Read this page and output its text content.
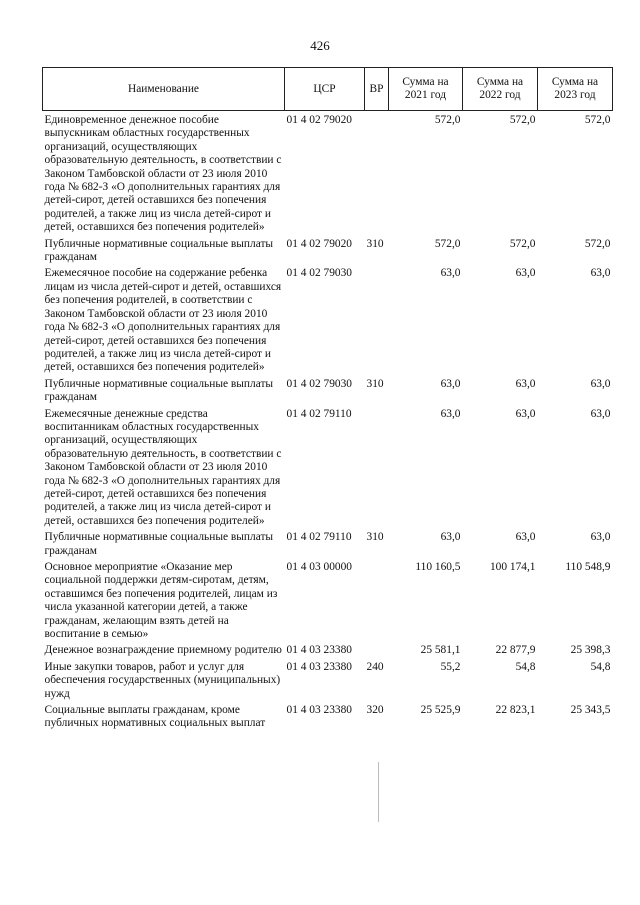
426
Наименование	ЦСР	ВР	Сумма на 2021 год	Сумма на 2022 год	Сумма на 2023 год
Единовременное денежное пособие выпускникам областных государственных организаций, осуществляющих образовательную деятельность, в соответствии с Законом Тамбовской области от 23 июля 2010 года № 682-З «О дополнительных гарантиях для детей-сирот, детей оставшихся без попечения родителей, а также лиц из числа детей-сирот и детей, оставшихся без попечения родителей»	01 4 02 79020		572,0	572,0	572,0
Публичные нормативные социальные выплаты гражданам	01 4 02 79020	310	572,0	572,0	572,0
Ежемесячное пособие на содержание ребенка лицам из числа детей-сирот и детей, оставшихся без попечения родителей, в соответствии с Законом Тамбовской области от 23 июля 2010 года № 682-З «О дополнительных гарантиях для детей-сирот, детей оставшихся без попечения родителей, а также лиц из числа детей-сирот и детей, оставшихся без попечения родителей»	01 4 02 79030		63,0	63,0	63,0
Публичные нормативные социальные выплаты гражданам	01 4 02 79030	310	63,0	63,0	63,0
Ежемесячные денежные средства воспитанникам областных государственных организаций, осуществляющих образовательную деятельность, в соответствии с Законом Тамбовской области от 23 июля 2010 года № 682-З «О дополнительных гарантиях для детей-сирот, детей оставшихся без попечения родителей, а также лиц из числа детей-сирот и детей, оставшихся без попечения родителей»	01 4 02 79110		63,0	63,0	63,0
Публичные нормативные социальные выплаты гражданам	01 4 02 79110	310	63,0	63,0	63,0
Основное мероприятие «Оказание мер социальной поддержки детям-сиротам, детям, оставшимся без попечения родителей, лицам из числа указанной категории детей, а также гражданам, желающим взять детей на воспитание в семью»	01 4 03 00000		110 160,5	100 174,1	110 548,9
Денежное вознаграждение приемному родителю	01 4 03 23380		25 581,1	22 877,9	25 398,3
Иные закупки товаров, работ и услуг для обеспечения государственных (муниципальных) нужд	01 4 03 23380	240	55,2	54,8	54,8
Социальные выплаты гражданам, кроме публичных нормативных социальных выплат	01 4 03 23380	320	25 525,9	22 823,1	25 343,5
